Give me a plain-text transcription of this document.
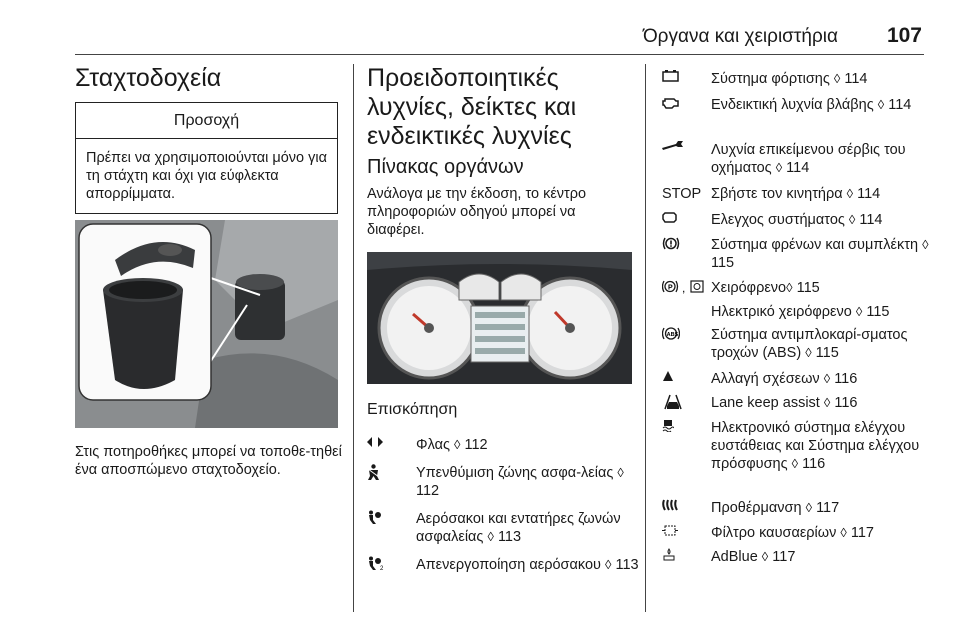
Όργανα και χειριστήρια 107
Σταχτοδοχεία
Προσοχή
Πρέπει να χρησιμοποιούνται μόνο για τη στάχτη και όχι για εύφλεκτα απορρίμματα.
Στις ποτηροθήκες μπορεί να τοποθε-τηθεί ένα αποσπώμενο σταχτοδοχείο.
Προειδοποιητικές λυχνίες, δείκτες και ενδεικτικές λυχνίες
Πίνακας οργάνων
Ανάλογα με την έκδοση, το κέντρο πληροφοριών οδηγού μπορεί να διαφέρει.
Επισκόπηση
Φλας ◊ 112
Υπενθύμιση ζώνης ασφα-λείας ◊ 112
Αερόσακοι και εντατήρες ζωνών ασφαλείας ◊ 113
2 Απενεργοποίηση αερόσακου ◊ 113
Σύστημα φόρτισης ◊ 114
Ενδεικτική λυχνία βλάβης ◊ 114
Λυχνία επικείμενου σέρβις του οχήματος ◊ 114
STOP Σβήστε τον κινητήρα ◊ 114
Ελεγχος συστήματος ◊ 114
Σύστημα φρένων και συμπλέκτη ◊ 115
P , Χειρόφρενο◊ 115
Ηλεκτρικό χειρόφρενο ◊ 115
ABS Σύστημα αντιμπλοκαρί-σματος τροχών (ABS) ◊ 115
Αλλαγή σχέσεων ◊ 116
Lane keep assist ◊ 116
Ηλεκτρονικό σύστημα ελέγχου ευστάθειας και Σύστημα ελέγχου πρόσφυσης ◊ 116
Προθέρμανση ◊ 117
Φίλτρο καυσαερίων ◊ 117
AdBlue ◊ 117
